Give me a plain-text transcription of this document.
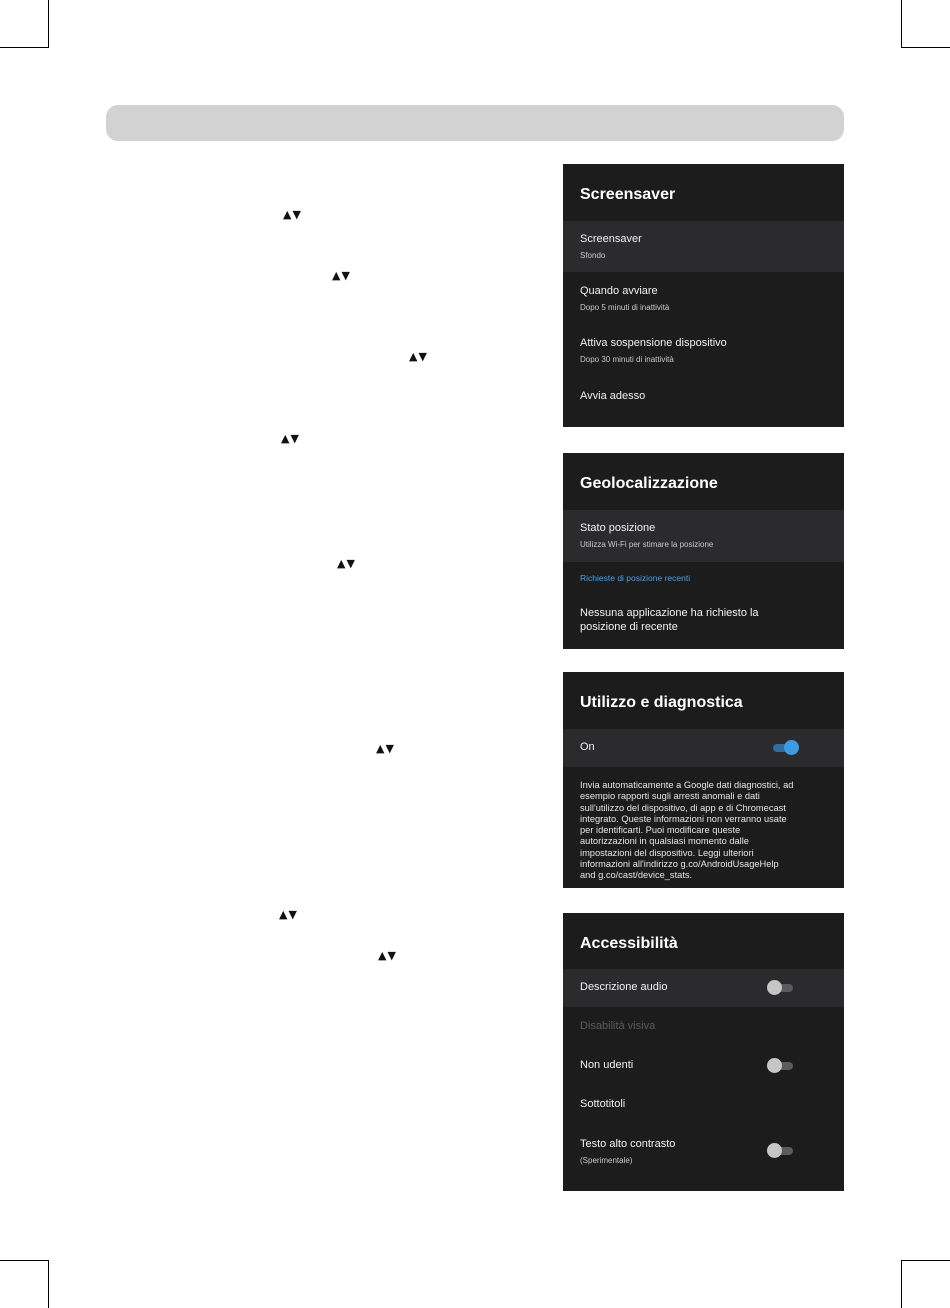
▲▼
▲▼
▲▼
▲▼
▲▼
▲▼
▲▼
▲▼
Screensaver
Screensaver
Sfondo
Quando avviare
Dopo 5 minuti di inattività
Attiva sospensione dispositivo
Dopo 30 minuti di inattività
Avvia adesso
Geolocalizzazione
Stato posizione
Utilizza Wi-Fi per stimare la posizione
Richieste di posizione recenti
Nessuna applicazione ha richiesto la
posizione di recente
Utilizzo e diagnostica
On
Invia automaticamente a Google dati diagnostici, ad esempio rapporti sugli arresti anomali e dati sull'utilizzo del dispositivo, di app e di Chromecast integrato. Queste informazioni non verranno usate per identificarti. Puoi modificare queste autorizzazioni in qualsiasi momento dalle impostazioni del dispositivo. Leggi ulteriori informazioni all'indirizzo g.co/AndroidUsageHelp and g.co/cast/device_stats.
Accessibilità
Descrizione audio
Disabilità visiva
Non udenti
Sottotitoli
Testo alto contrasto
(Sperimentale)
